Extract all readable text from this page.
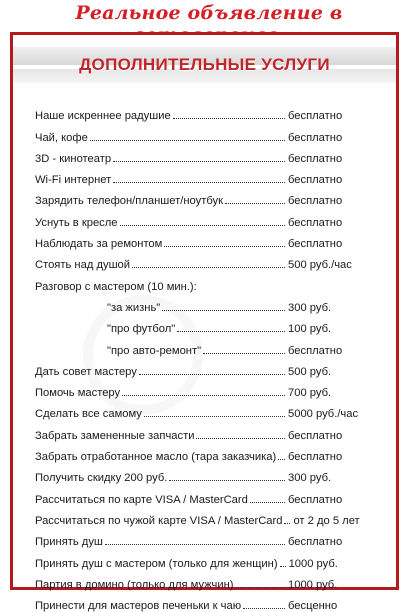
Реальное объявление в
ДОПОЛНИТЕЛЬНЫЕ УСЛУГИ
Наше искреннее радушие	бесплатно
Чай, кофе	бесплатно
3D - кинотеатр	бесплатно
Wi-Fi интернет	бесплатно
Зарядить телефон/планшет/ноутбук	бесплатно
Уснуть в кресле	бесплатно
Наблюдать за ремонтом	бесплатно
Стоять над душой	500 руб./час
Разговор с мастером (10 мин.):
"за жизнь"	300 руб.
"про футбол"	100 руб.
"про авто-ремонт"	бесплатно
Дать совет мастеру	500 руб.
Помочь мастеру	700 руб.
Сделать все самому	5000 руб./час
Забрать замененные запчасти	бесплатно
Забрать отработанное масло (тара заказчика) бесплатно
Получить скидку 200 руб.	300 руб.
Рассчитаться по карте VISA / MasterCard	бесплатно
Рассчитаться по чужой карте VISA / MasterCard от 2 до 5 лет
Принять душ	бесплатно
Принять душ с мастером (только для женщин) 1000 руб.
Партия в домино (только для мужчин)	1000 руб.
Принести для мастеров печеньки к чаю	бесценно
